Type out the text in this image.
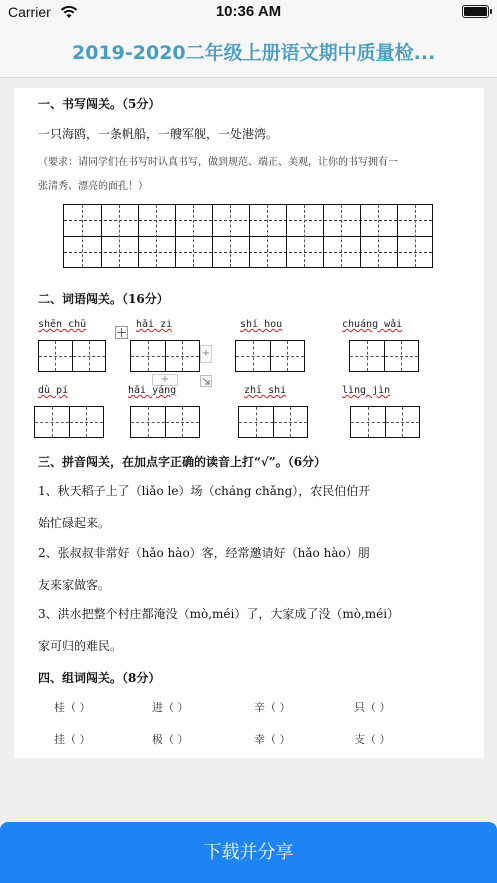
Carrier	10:36 AM
2019-2020二年级上册语文期中质量检...
一、书写闯关。（5分）
一只海鸥，一条帆船，一艘军舰，一处港湾。
（要求：请同学们在书写时认真书写，做到规范、端正、美观，让你的书写拥有一
张清秀、漂亮的面孔！）
二、词语闯关。（16分）
shēn chū	hǎi zi	shí hou	chuáng wǎi
+
+
dù pí	hǎi yáng	zhī shi	lìng jìn
三、拼音闯关，在加点字正确的读音上打“√”。（6分）
1、秋天稻子上了（liǎo le）场（cháng chǎng），农民伯伯开
始忙碌起来。
2、张叔叔非常好（hǎo hào）客，经常邀请好（hǎo hào）朋
友来家做客。
3、洪水把整个村庄都淹没（mò,méi）了，大家成了没（mò,méi）
家可归的难民。
四、组词闯关。（8分）
桂（ ）	进（ ）	辛（ ）	只（ ）
挂（ ）	极（ ）	幸（ ）	支（ ）
下载并分享
